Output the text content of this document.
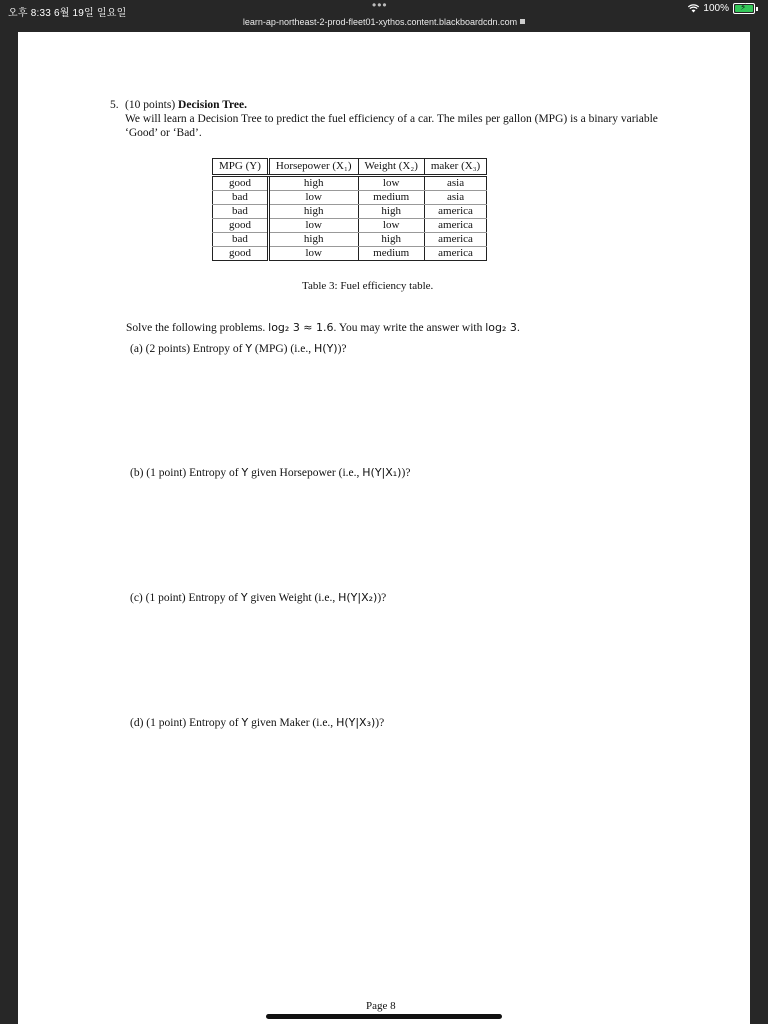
오후 8:33 6월 19일 일요일
•••	100% ⚡
learn-ap-northeast-2-prod-fleet01-xythos.content.blackboardcdn.com
5. (10 points) Decision Tree.
We will learn a Decision Tree to predict the fuel efficiency of a car. The miles per gallon (MPG) is a binary variable ‘Good’ or ‘Bad’.
MPG (Y)	Horsepower (X₁)	Weight (X₂)	maker (X₃)
good	high	low	asia
bad	low	medium	asia
bad	high	high	america
good	low	low	america
bad	high	high	america
good	low	medium	america
Table 3: Fuel efficiency table.
Solve the following problems. log₂ 3 ≈ 1.6. You may write the answer with log₂ 3.
(a) (2 points) Entropy of Y (MPG) (i.e., H(Y))?
(b) (1 point) Entropy of Y given Horsepower (i.e., H(Y|X₁))?
(c) (1 point) Entropy of Y given Weight (i.e., H(Y|X₂))?
(d) (1 point) Entropy of Y given Maker (i.e., H(Y|X₃))?
Page 8
